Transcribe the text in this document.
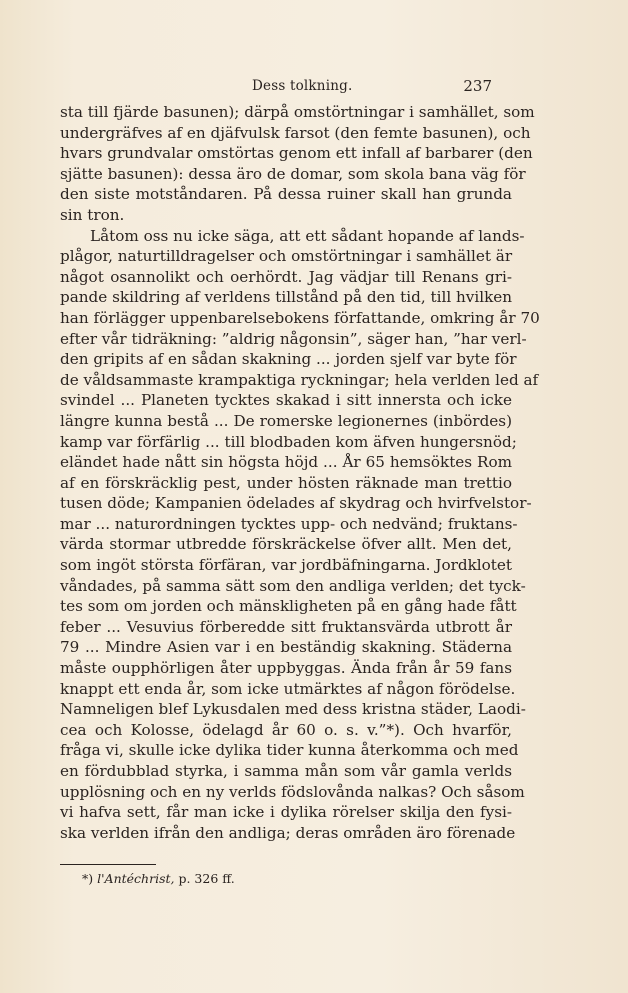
Dess tolkning.	237
sta till fjärde basunen); därpå omstörtningar i samhället, som
undergräfves af en djäfvulsk farsot (den femte basunen), och
hvars grundvalar omstörtas genom ett infall af barbarer (den
sjätte basunen): dessa äro de domar, som skola bana väg för
den siste motståndaren. På dessa ruiner skall han grunda
sin tron.
Låtom oss nu icke säga, att ett sådant hopande af lands-
plågor, naturtilldragelser och omstörtningar i samhället är
något osannolikt och oerhördt. Jag vädjar till Renans gri-
pande skildring af verldens tillstånd på den tid, till hvilken
han förlägger uppenbarelsebokens författande, omkring år 70
efter vår tidräkning: ”aldrig någonsin”, säger han, ”har verl-
den gripits af en sådan skakning ... jorden sjelf var byte för
de våldsammaste krampaktiga ryckningar; hela verlden led af
svindel ... Planeten tycktes skakad i sitt innersta och icke
längre kunna bestå ... De romerske legionernes (inbördes)
kamp var förfärlig ... till blodbaden kom äfven hungersnöd;
eländet hade nått sin högsta höjd ... År 65 hemsöktes Rom
af en förskräcklig pest, under hösten räknade man trettio
tusen döde; Kampanien ödelades af skydrag och hvirfvelstor-
mar ... naturordningen tycktes upp- och nedvänd; fruktans-
värda stormar utbredde förskräckelse öfver allt. Men det,
som ingöt största förfäran, var jordbäfningarna. Jordklotet
våndades, på samma sätt som den andliga verlden; det tyck-
tes som om jorden och mänskligheten på en gång hade fått
feber ... Vesuvius förberedde sitt fruktansvärda utbrott år
79 ... Mindre Asien var i en beständig skakning. Städerna
måste oupphörligen åter uppbyggas. Ända från år 59 fans
knappt ett enda år, som icke utmärktes af någon förödelse.
Namneligen blef Lykusdalen med dess kristna städer, Laodi-
cea och Kolosse, ödelagd år 60 o. s. v.”*). Och hvarför,
fråga vi, skulle icke dylika tider kunna återkomma och med
en fördubblad styrka, i samma mån som vår gamla verlds
upplösning och en ny verlds födslovånda nalkas? Och såsom
vi hafva sett, får man icke i dylika rörelser skilja den fysi-
ska verlden ifrån den andliga; deras områden äro förenade
*) l'Antéchrist, p. 326 ff.
